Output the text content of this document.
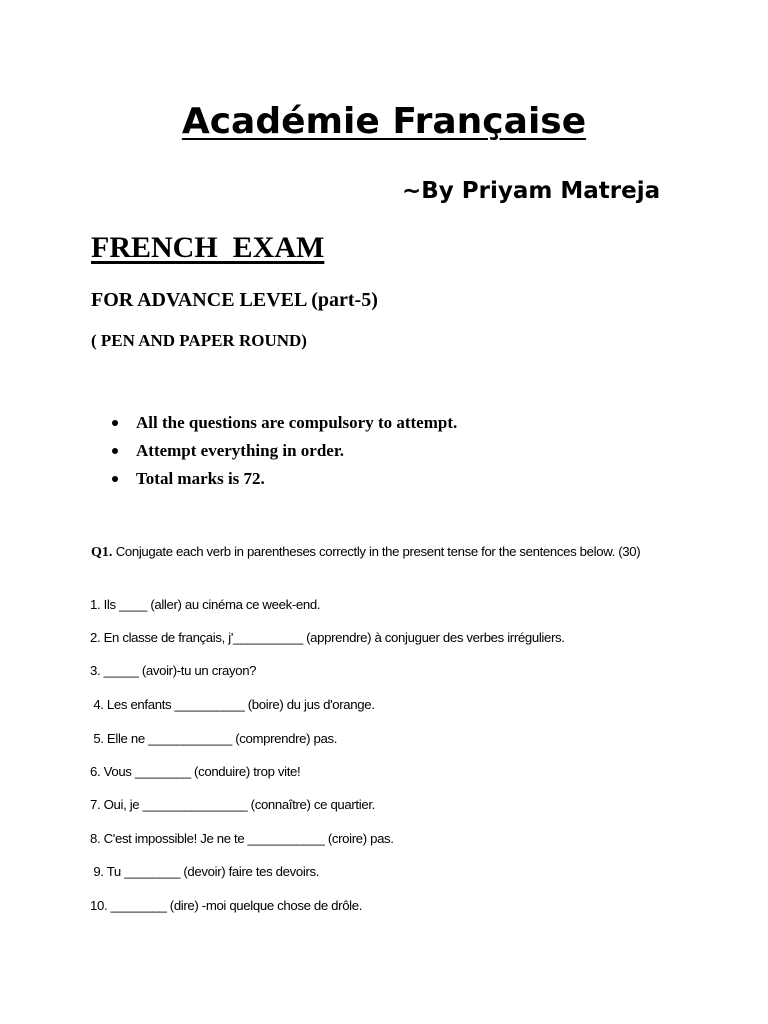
Académie Française

~By Priyam Matreja

FRENCH  EXAM

FOR ADVANCE LEVEL (part-5)

( PEN AND PAPER ROUND)

All the questions are compulsory to attempt.
Attempt everything in order.
Total marks is 72.

Q1. Conjugate each verb in parentheses correctly in the present tense for the sentences below. (30)

1. Ils ____ (aller) au cinéma ce week-end.

2. En classe de français, j'__________ (apprendre) à conjuguer des verbes irréguliers.

3. _____ (avoir)-tu un crayon?

4. Les enfants __________ (boire) du jus d'orange.

5. Elle ne ____________ (comprendre) pas.

6. Vous ________ (conduire) trop vite!

7. Oui, je _______________ (connaître) ce quartier.

8. C'est impossible! Je ne te ___________ (croire) pas.

9. Tu ________ (devoir) faire tes devoirs.

10. ________ (dire) -moi quelque chose de drôle.
